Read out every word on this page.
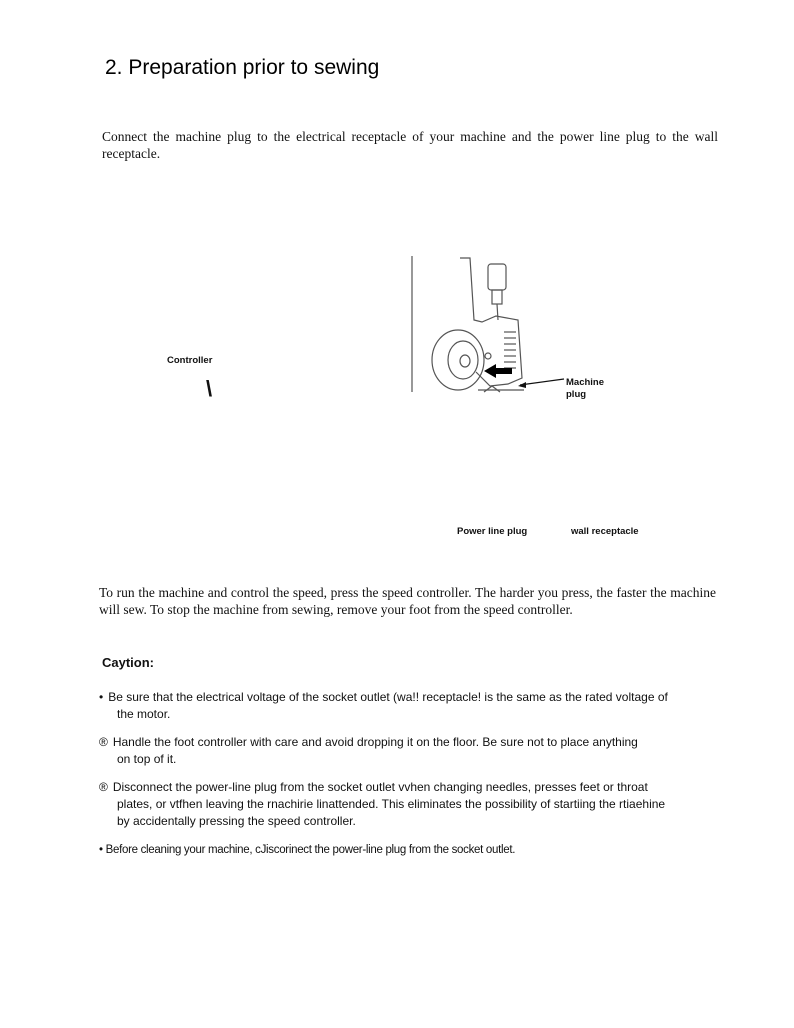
2. Preparation prior to sewing
Connect the machine plug to the electrical receptacle of your machine and the power line plug to the wall receptacle.
Controller
\	Machine
plug
Power line plug	wall receptacle
To run the machine and control the speed, press the speed controller. The harder you press, the faster the machine will sew. To stop the machine from sewing, remove your foot from the speed controller.
Caytion:
• Be sure that the electrical voltage of the socket outlet (wa!! receptacle! is the same as the rated voltage of
the motor.
® Handle the foot controller with care and avoid dropping it on the floor. Be sure not to place anything
on top of it.
® Disconnect the power-line plug from the socket outlet vvhen changing needles, presses feet or throat
plates, or vtfhen leaving the rnachirie linattended. This eliminates the possibility of startiing the rtiaehine
by accidentally pressing the speed controller.
• Before cleaning your machine, cJiscorinect the power-line plug from the socket outlet.
